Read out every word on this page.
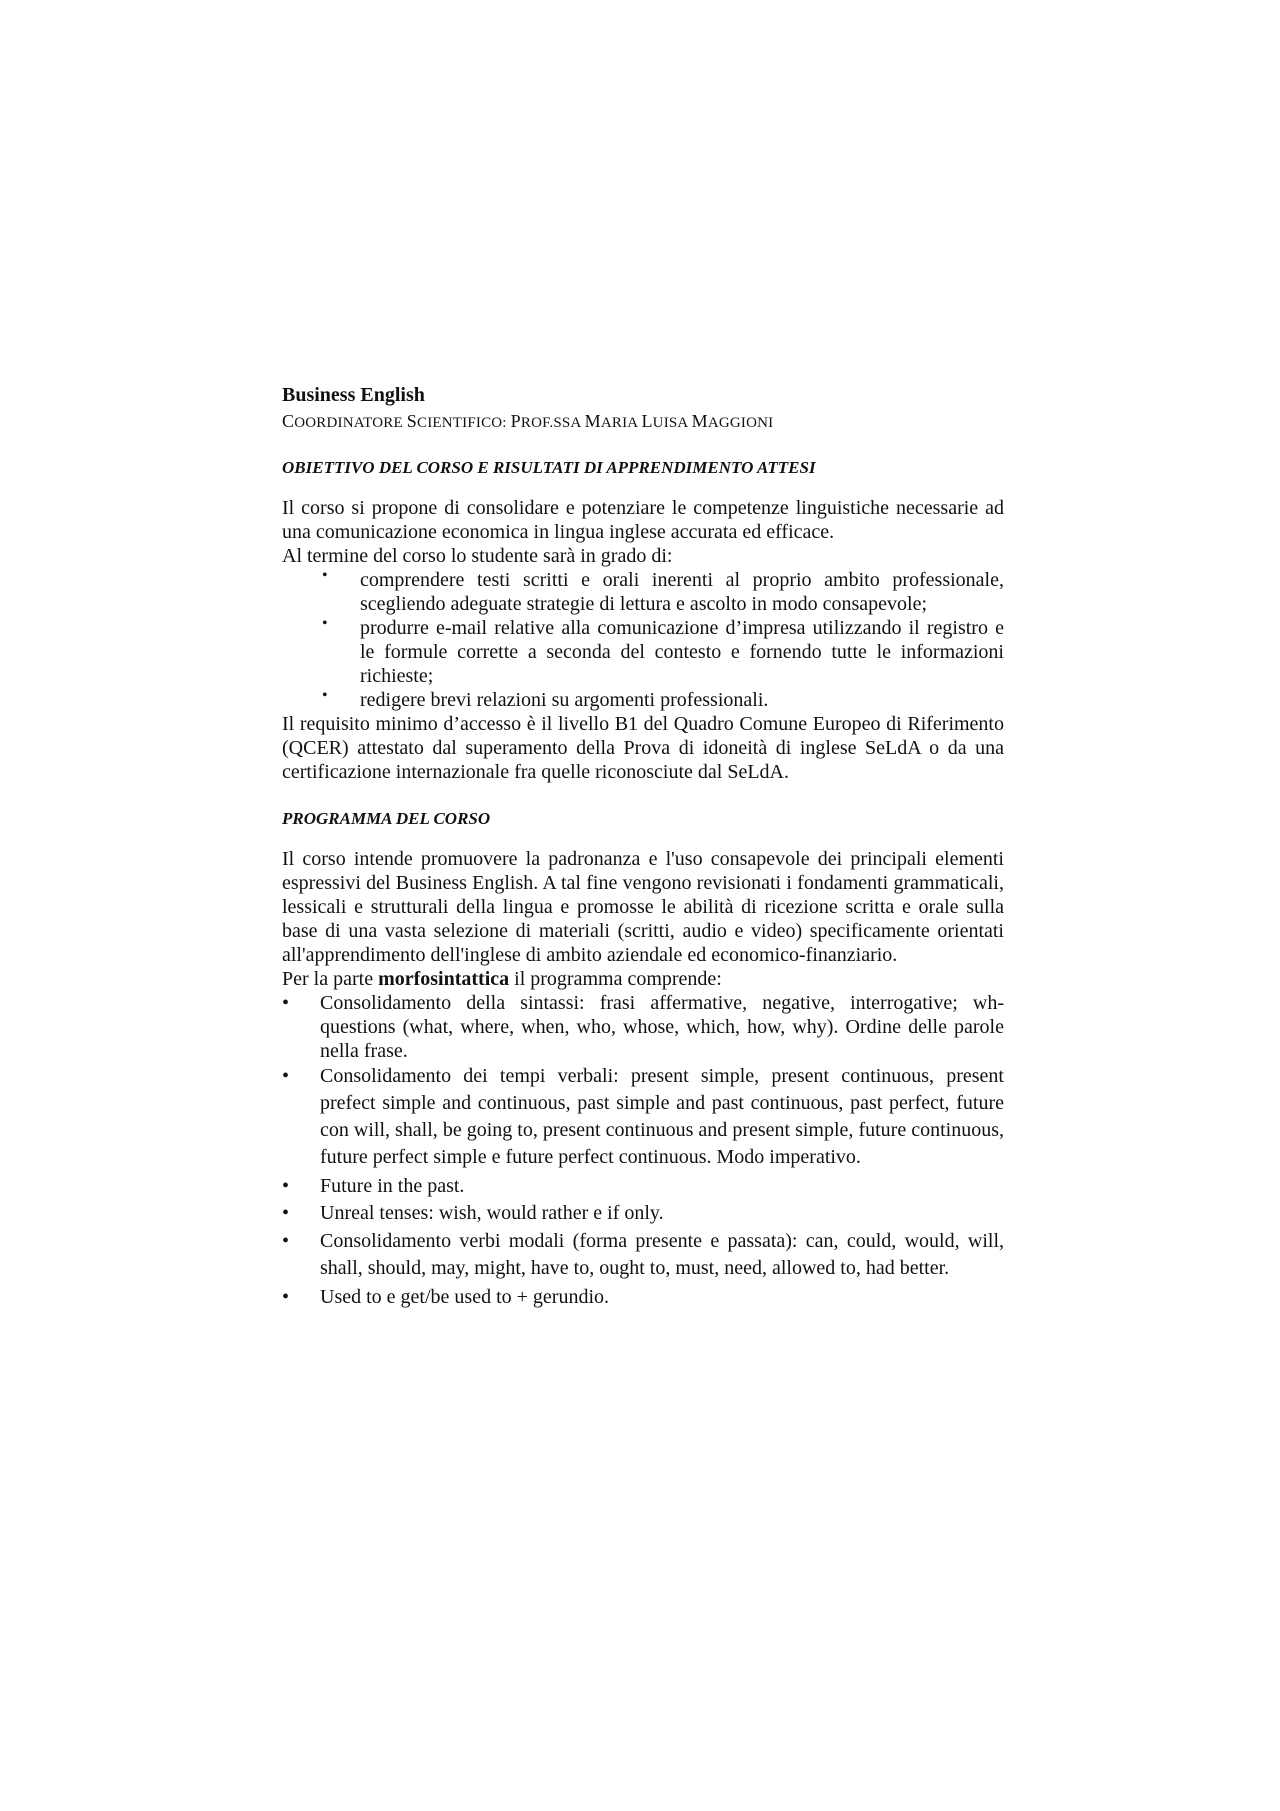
Business English

COORDINATORE SCIENTIFICO: PROF.SSA MARIA LUISA MAGGIONI

OBIETTIVO DEL CORSO E RISULTATI DI APPRENDIMENTO ATTESI

Il corso si propone di consolidare e potenziare le competenze linguistiche necessarie ad una comunicazione economica in lingua inglese accurata ed efficace.

Al termine del corso lo studente sarà in grado di:

• comprendere testi scritti e orali inerenti al proprio ambito professionale, scegliendo adeguate strategie di lettura e ascolto in modo consapevole;
• produrre e-mail relative alla comunicazione d’impresa utilizzando il registro e le formule corrette a seconda del contesto e fornendo tutte le informazioni richieste;
• redigere brevi relazioni su argomenti professionali.

Il requisito minimo d’accesso è il livello B1 del Quadro Comune Europeo di Riferimento (QCER) attestato dal superamento della Prova di idoneità di inglese SeLdA o da una certificazione internazionale fra quelle riconosciute dal SeLdA.

PROGRAMMA DEL CORSO

Il corso intende promuovere la padronanza e l'uso consapevole dei principali elementi espressivi del Business English. A tal fine vengono revisionati i fondamenti grammaticali, lessicali e strutturali della lingua e promosse le abilità di ricezione scritta e orale sulla base di una vasta selezione di materiali (scritti, audio e video) specificamente orientati all'apprendimento dell'inglese di ambito aziendale ed economico-finanziario.

Per la parte morfosintattica il programma comprende:

• Consolidamento della sintassi: frasi affermative, negative, interrogative; wh-questions (what, where, when, who, whose, which, how, why). Ordine delle parole nella frase.
• Consolidamento dei tempi verbali: present simple, present continuous, present prefect simple and continuous, past simple and past continuous, past perfect, future con will, shall, be going to, present continuous and present simple, future continuous, future perfect simple e future perfect continuous. Modo imperativo.
• Future in the past.
• Unreal tenses: wish, would rather e if only.
• Consolidamento verbi modali (forma presente e passata): can, could, would, will, shall, should, may, might, have to, ought to, must, need, allowed to, had better.
• Used to e get/be used to + gerundio.
